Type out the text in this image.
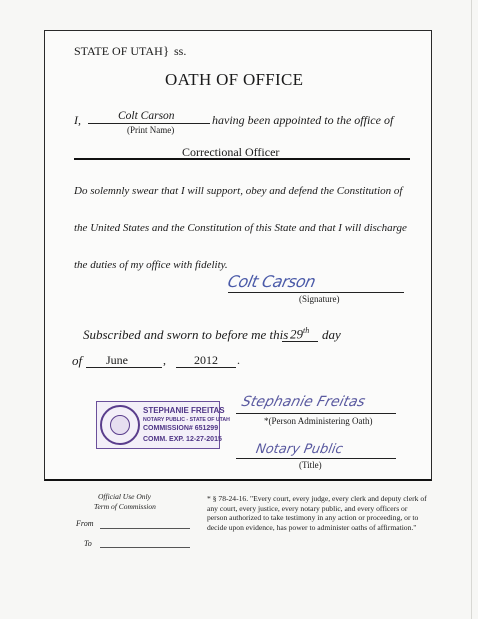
STATE OF UTAH } ss.
OATH OF OFFICE
I,	Colt Carson
(Print Name)
having been appointed to the office of
Correctional Officer
Do solemnly swear that I will support, obey and defend the Constitution of
the United States and the Constitution of this State and that I will discharge
the duties of my office with fidelity.
Colt Carson
(Signature)
Subscribed and sworn to before me this 29th day
of June	, 2012 .
STEPHANIE FREITAS
NOTARY PUBLIC - STATE OF UTAH
COMMISSION# 651299
COMM. EXP. 12-27-2015
Stephanie Freitas
*(Person Administering Oath)
Notary Public
(Title)
Official Use Only
Term of Commission
From
To
* § 78-24-16. "Every court, every judge, every clerk and deputy clerk of any court, every justice, every notary public, and every officers or person authorized to take testimony in any action or proceeding, or to decide upon evidence, has power to administer oaths of affirmation."
